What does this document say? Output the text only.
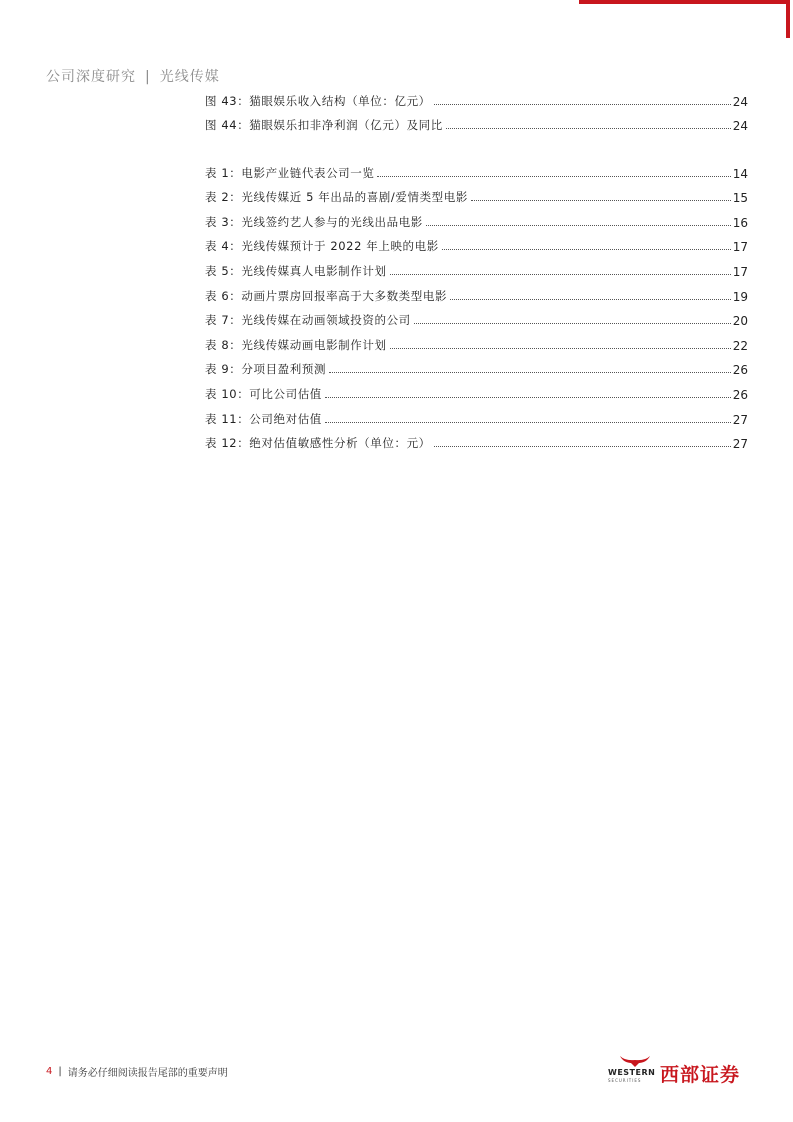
公司深度研究 | 光线传媒
图 43：猫眼娱乐收入结构（单位：亿元）	24
图 44：猫眼娱乐扣非净利润（亿元）及同比	24
表 1：电影产业链代表公司一览	14
表 2：光线传媒近 5 年出品的喜剧/爱情类型电影	15
表 3：光线签约艺人参与的光线出品电影	16
表 4：光线传媒预计于 2022 年上映的电影	17
表 5：光线传媒真人电影制作计划	17
表 6：动画片票房回报率高于大多数类型电影	19
表 7：光线传媒在动画领域投资的公司	20
表 8：光线传媒动画电影制作计划	22
表 9：分项目盈利预测	26
表 10：可比公司估值	26
表 11：公司绝对估值	27
表 12：绝对估值敏感性分析（单位：元）	27
4 | 请务必仔细阅读报告尾部的重要声明	WESTERN
SECURITIES 西部证券
